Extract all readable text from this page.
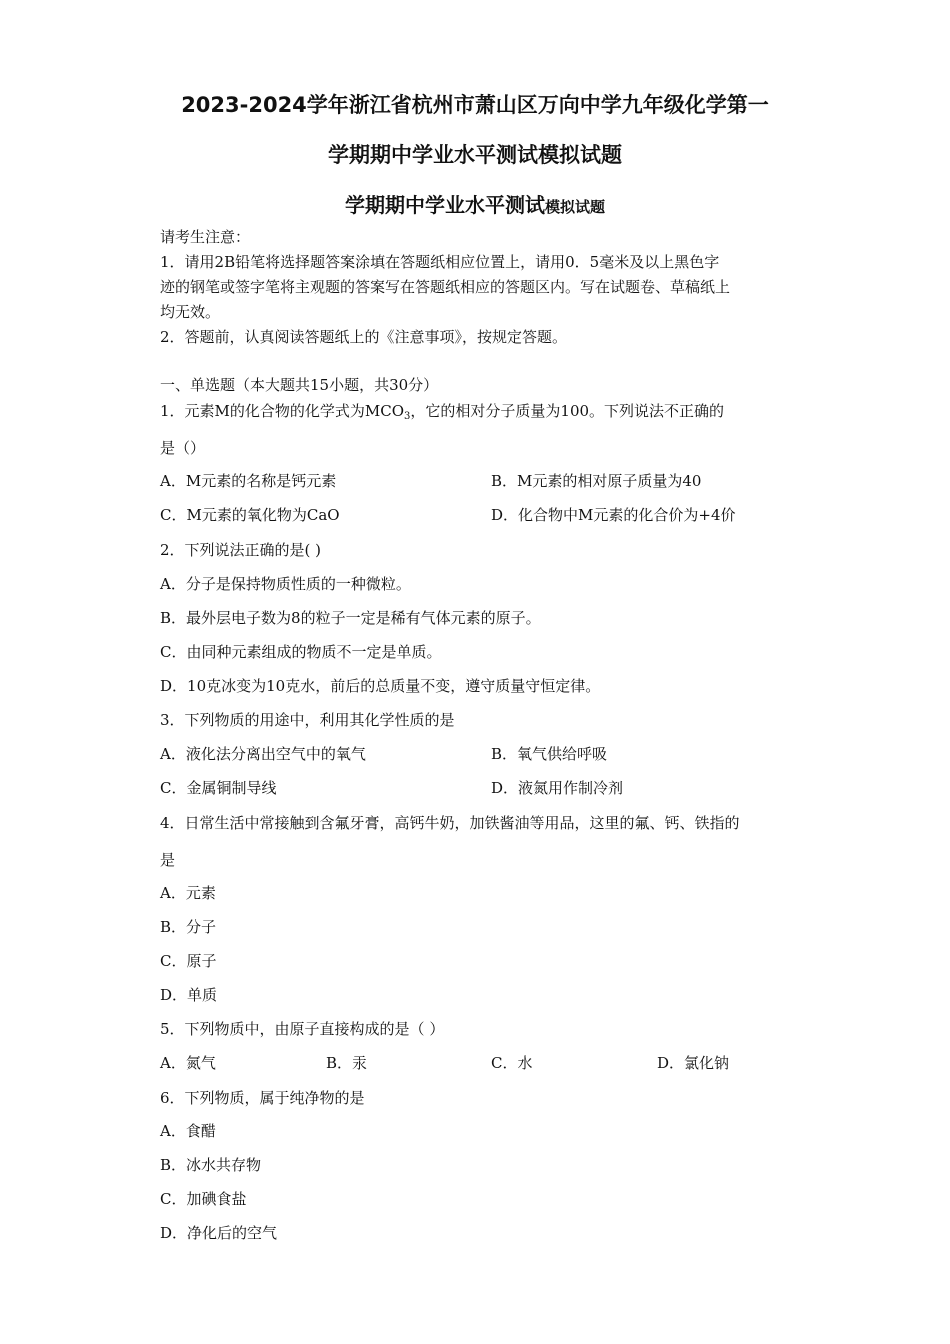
2023-2024学年浙江省杭州市萧山区万向中学九年级化学第一
学期期中学业水平测试模拟试题
学期期中学业水平测试模拟试题
请考生注意：
1．请用2B铅笔将选择题答案涂填在答题纸相应位置上，请用0．5毫米及以上黑色字
迹的钢笔或签字笔将主观题的答案写在答题纸相应的答题区内。写在试题卷、草稿纸上
均无效。
2．答题前，认真阅读答题纸上的《注意事项》，按规定答题。
一、单选题（本大题共15小题，共30分）
1．元素M的化合物的化学式为$MCO_3$，它的相对分子质量为100。下列说法不正确的
是（）
A．M元素的名称是钙元素	B．M元素的相对原子质量为40
C．M元素的氧化物为CaO	D．化合物中M元素的化合价为+4价
2．下列说法正确的是( )
A．分子是保持物质性质的一种微粒。
B．最外层电子数为8的粒子一定是稀有气体元素的原子。
C．由同种元素组成的物质不一定是单质。
D．10克冰变为10克水，前后的总质量不变，遵守质量守恒定律。
3．下列物质的用途中，利用其化学性质的是
A．液化法分离出空气中的氧气	B．氧气供给呼吸
C．金属铜制导线	D．液氮用作制冷剂
4．日常生活中常接触到含氟牙膏，高钙牛奶，加铁酱油等用品，这里的氟、钙、铁指的
是
A．元素
B．分子
C．原子
D．单质
5．下列物质中，由原子直接构成的是（ ）
A．氮气	B．汞	C．水	D．氯化钠
6．下列物质，属于纯净物的是
A．食醋
B．冰水共存物
C．加碘食盐
D．净化后的空气
